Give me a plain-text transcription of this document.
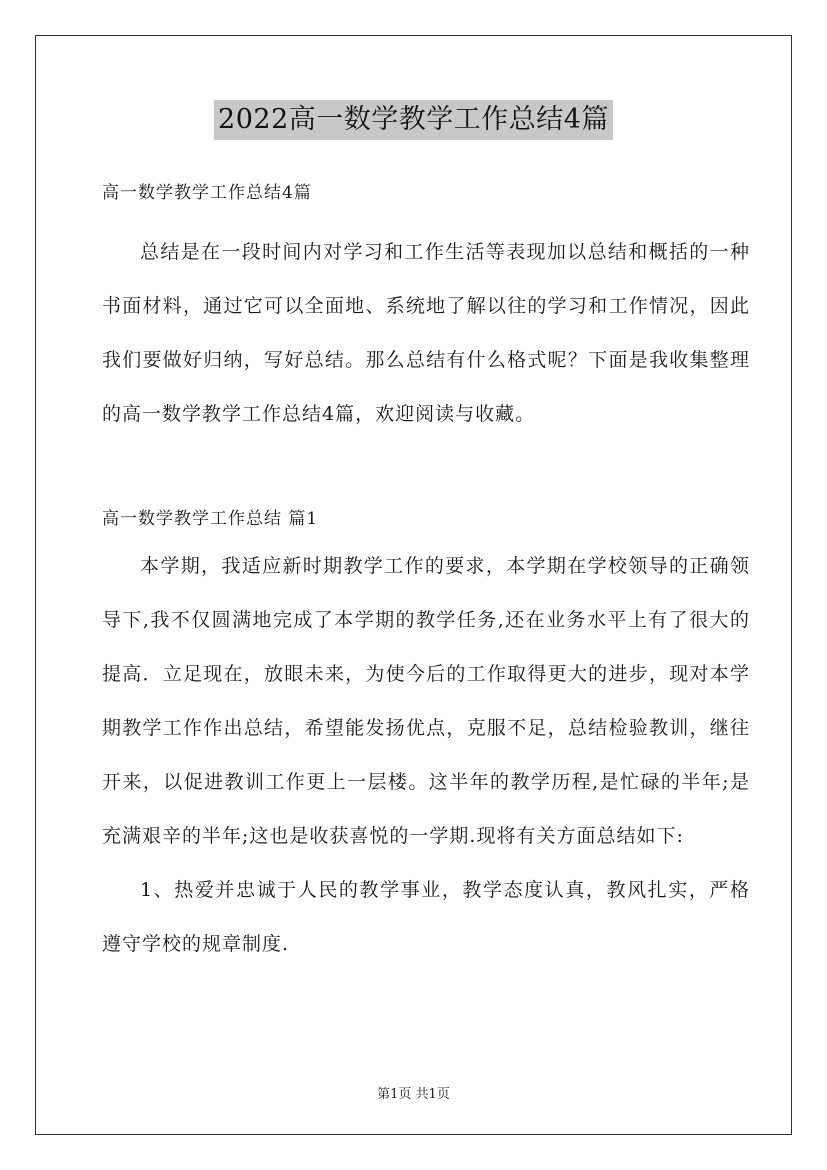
2022高一数学教学工作总结4篇

高一数学教学工作总结4篇

总结是在一段时间内对学习和工作生活等表现加以总结和概括的一种书面材料，通过它可以全面地、系统地了解以往的学习和工作情况，因此我们要做好归纳，写好总结。那么总结有什么格式呢？下面是我收集整理的高一数学教学工作总结4篇，欢迎阅读与收藏。

高一数学教学工作总结 篇1

本学期，我适应新时期教学工作的要求，本学期在学校领导的正确领导下,我不仅圆满地完成了本学期的教学任务,还在业务水平上有了很大的提高．立足现在，放眼未来，为使今后的工作取得更大的进步，现对本学期教学工作作出总结，希望能发扬优点，克服不足，总结检验教训，继往开来，以促进教训工作更上一层楼。这半年的教学历程,是忙碌的半年;是充满艰辛的半年;这也是收获喜悦的一学期.现将有关方面总结如下:

1、热爱并忠诚于人民的教学事业，教学态度认真，教风扎实，严格遵守学校的规章制度.

第1页 共1页
